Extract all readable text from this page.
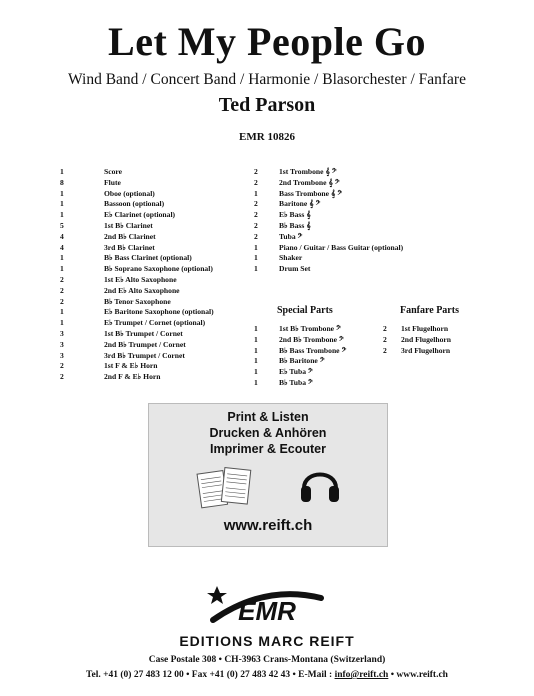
Let My People Go
Wind Band / Concert Band / Harmonie / Blasorchester / Fanfare
Ted Parson
EMR 10826
1	Score
8	Flute
1	Oboe (optional)
1	Bassoon (optional)
1	E♭ Clarinet (optional)
5	1st B♭ Clarinet
4	2nd B♭ Clarinet
4	3rd B♭ Clarinet
1	B♭ Bass Clarinet (optional)
1	B♭ Soprano Saxophone (optional)
2	1st E♭ Alto Saxophone
2	2nd E♭ Alto Saxophone
2	B♭ Tenor Saxophone
1	E♭ Baritone Saxophone (optional)
1	E♭ Trumpet / Cornet (optional)
3	1st B♭ Trumpet / Cornet
3	2nd B♭ Trumpet / Cornet
3	3rd B♭ Trumpet / Cornet
2	1st F & E♭ Horn
2	2nd F & E♭ Horn
2	1st Trombone 𝄞 𝄢
2	2nd Trombone 𝄞 𝄢
1	Bass Trombone 𝄞 𝄢
2	Baritone 𝄞 𝄢
2	E♭ Bass 𝄞
2	B♭ Bass 𝄞
2	Tuba 𝄢
1	Piano / Guitar / Bass Guitar (optional)
1	Shaker
1	Drum Set
Special Parts	Fanfare Parts
1	1st B♭ Trombone 𝄢
1	2nd B♭ Trombone 𝄢
1	B♭ Bass Trombone 𝄢
1	B♭ Baritone 𝄢
1	E♭ Tuba 𝄢
1	B♭ Tuba 𝄢
2	1st Flugelhorn
2	2nd Flugelhorn
2	3rd Flugelhorn
Print & Listen
Drucken & Anhören
Imprimer & Ecouter
www.reift.ch
EMR
EDITIONS MARC REIFT
Case Postale 308 • CH-3963 Crans-Montana (Switzerland)
Tel. +41 (0) 27 483 12 00 • Fax +41 (0) 27 483 42 43 • E-Mail : info@reift.ch • www.reift.ch
